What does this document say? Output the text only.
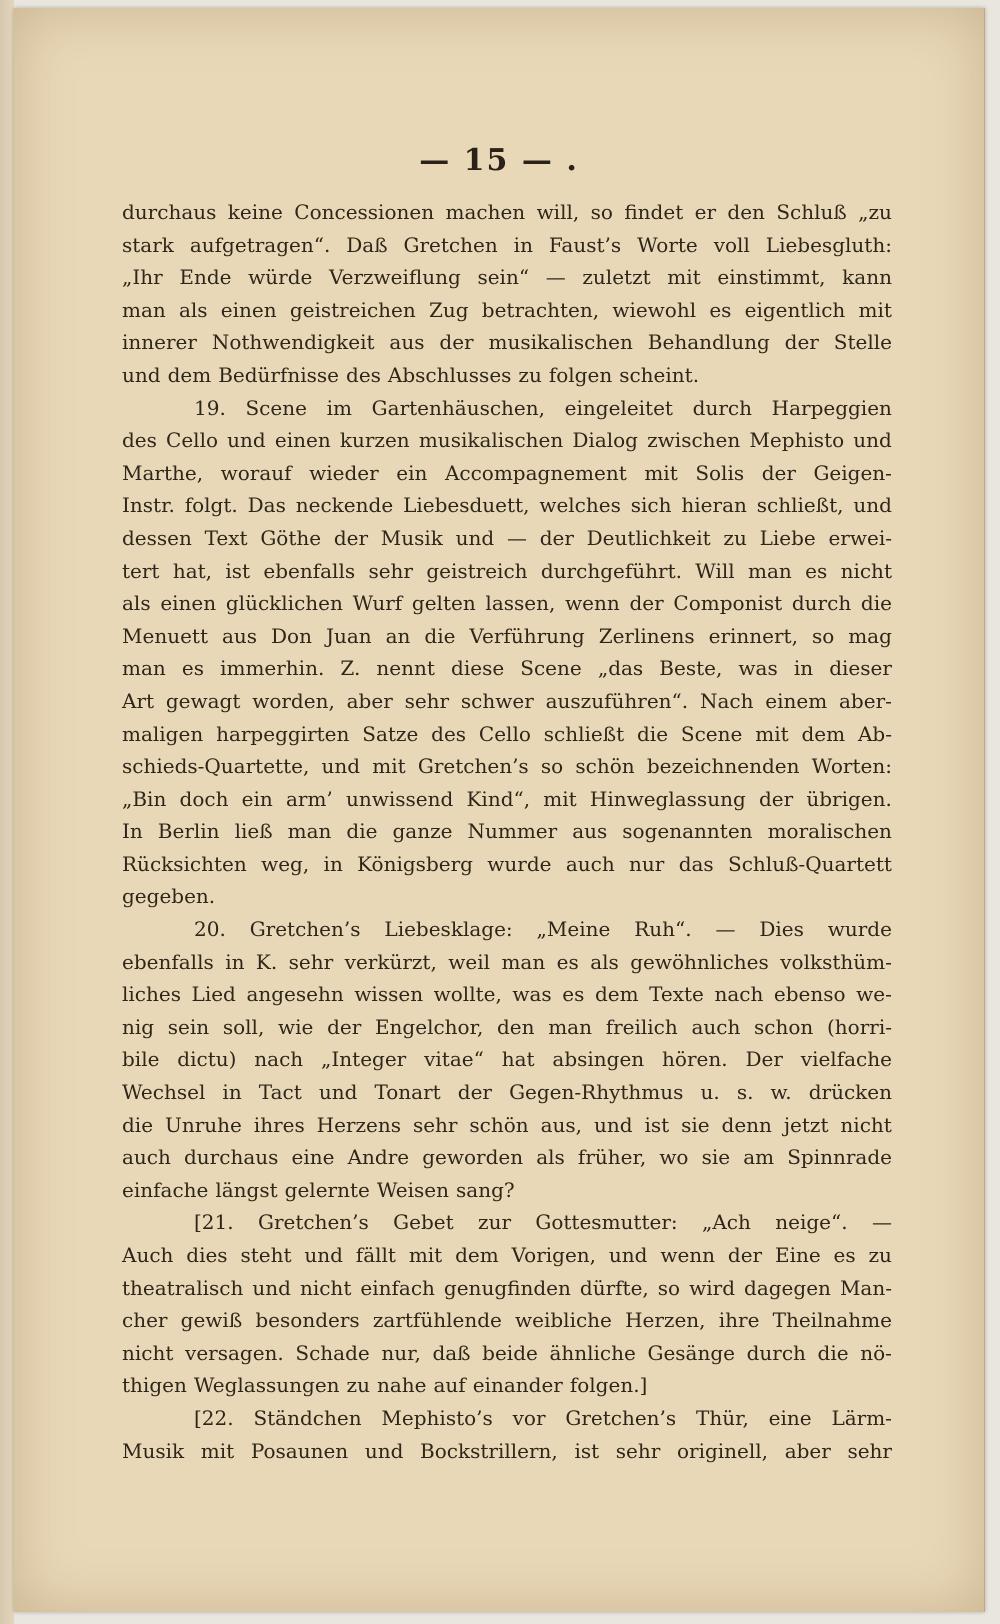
— 15 — .
durchaus keine Concessionen machen will, so findet er den Schluß „zu
stark aufgetragen“. Daß Gretchen in Faust’s Worte voll Liebesgluth:
„Ihr Ende würde Verzweiflung sein“ — zuletzt mit einstimmt, kann
man als einen geistreichen Zug betrachten, wiewohl es eigentlich mit
innerer Nothwendigkeit aus der musikalischen Behandlung der Stelle
und dem Bedürfnisse des Abschlusses zu folgen scheint.
19. Scene im Gartenhäuschen, eingeleitet durch Harpeggien
des Cello und einen kurzen musikalischen Dialog zwischen Mephisto und
Marthe, worauf wieder ein Accompagnement mit Solis der Geigen-
Instr. folgt. Das neckende Liebesduett, welches sich hieran schließt, und
dessen Text Göthe der Musik und — der Deutlichkeit zu Liebe erwei-
tert hat, ist ebenfalls sehr geistreich durchgeführt. Will man es nicht
als einen glücklichen Wurf gelten lassen, wenn der Componist durch die
Menuett aus Don Juan an die Verführung Zerlinens erinnert, so mag
man es immerhin. Z. nennt diese Scene „das Beste, was in dieser
Art gewagt worden, aber sehr schwer auszuführen“. Nach einem aber-
maligen harpeggirten Satze des Cello schließt die Scene mit dem Ab-
schieds-Quartette, und mit Gretchen’s so schön bezeichnenden Worten:
„Bin doch ein arm’ unwissend Kind“, mit Hinweglassung der übrigen.
In Berlin ließ man die ganze Nummer aus sogenannten moralischen
Rücksichten weg, in Königsberg wurde auch nur das Schluß-Quartett
gegeben.
20. Gretchen’s Liebesklage: „Meine Ruh“. — Dies wurde
ebenfalls in K. sehr verkürzt, weil man es als gewöhnliches volksthüm-
liches Lied angesehn wissen wollte, was es dem Texte nach ebenso we-
nig sein soll, wie der Engelchor, den man freilich auch schon (horri-
bile dictu) nach „Integer vitae“ hat absingen hören. Der vielfache
Wechsel in Tact und Tonart der Gegen-Rhythmus u. s. w. drücken
die Unruhe ihres Herzens sehr schön aus, und ist sie denn jetzt nicht
auch durchaus eine Andre geworden als früher, wo sie am Spinnrade
einfache längst gelernte Weisen sang?
[21. Gretchen’s Gebet zur Gottesmutter: „Ach neige“. —
Auch dies steht und fällt mit dem Vorigen, und wenn der Eine es zu
theatralisch und nicht einfach genugfinden dürfte, so wird dagegen Man-
cher gewiß besonders zartfühlende weibliche Herzen, ihre Theilnahme
nicht versagen. Schade nur, daß beide ähnliche Gesänge durch die nö-
thigen Weglassungen zu nahe auf einander folgen.]
[22. Ständchen Mephisto’s vor Gretchen’s Thür, eine Lärm-
Musik mit Posaunen und Bockstrillern, ist sehr originell, aber sehr
